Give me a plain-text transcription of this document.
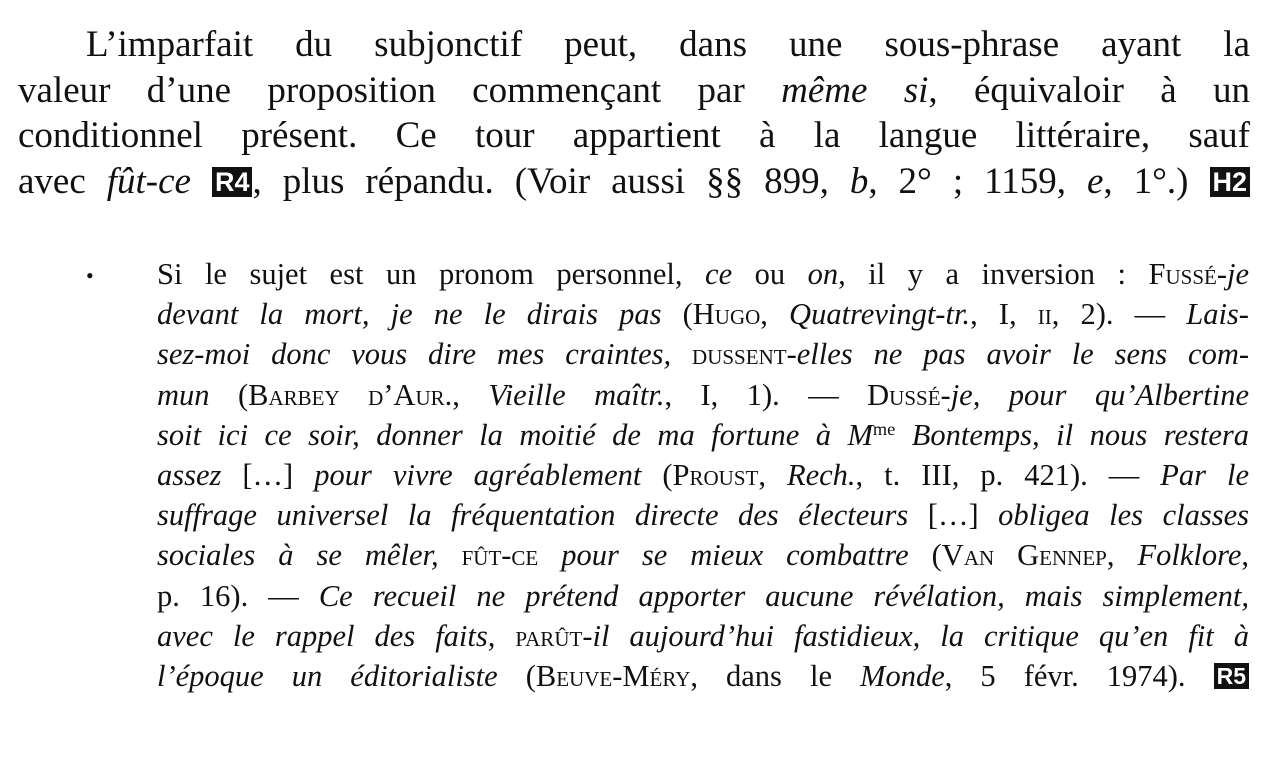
L’imparfait du subjonctif peut, dans une sous-phrase ayant la
valeur d’une proposition commençant par même si, équivaloir à un
conditionnel présent. Ce tour appartient à la langue littéraire, sauf
avec fût-ce R4, plus répandu. (Voir aussi §§ 899, b, 2° ; 1159, e, 1°.) H2
• Si le sujet est un pronom personnel, ce ou on, il y a inversion : Fussé-je
devant la mort, je ne le dirais pas (Hugo, Quatrevingt-tr., I, ii, 2). — Lais-
sez-moi donc vous dire mes craintes, dussent-elles ne pas avoir le sens com-
mun (Barbey d’Aur., Vieille maîtr., I, 1). — Dussé-je, pour qu’Albertine
soit ici ce soir, donner la moitié de ma fortune à $M^{me}$ Bontemps, il nous restera
assez […] pour vivre agréablement (Proust, Rech., t. III, p. 421). — Par le
suffrage universel la fréquentation directe des électeurs […] obligea les classes
sociales à se mêler, fût-ce pour se mieux combattre (Van Gennep, Folklore,
p. 16). — Ce recueil ne prétend apporter aucune révélation, mais simplement,
avec le rappel des faits, parût-il aujourd’hui fastidieux, la critique qu’en fit à
l’époque un éditorialiste (Beuve-Méry, dans le Monde, 5 févr. 1974). R5
